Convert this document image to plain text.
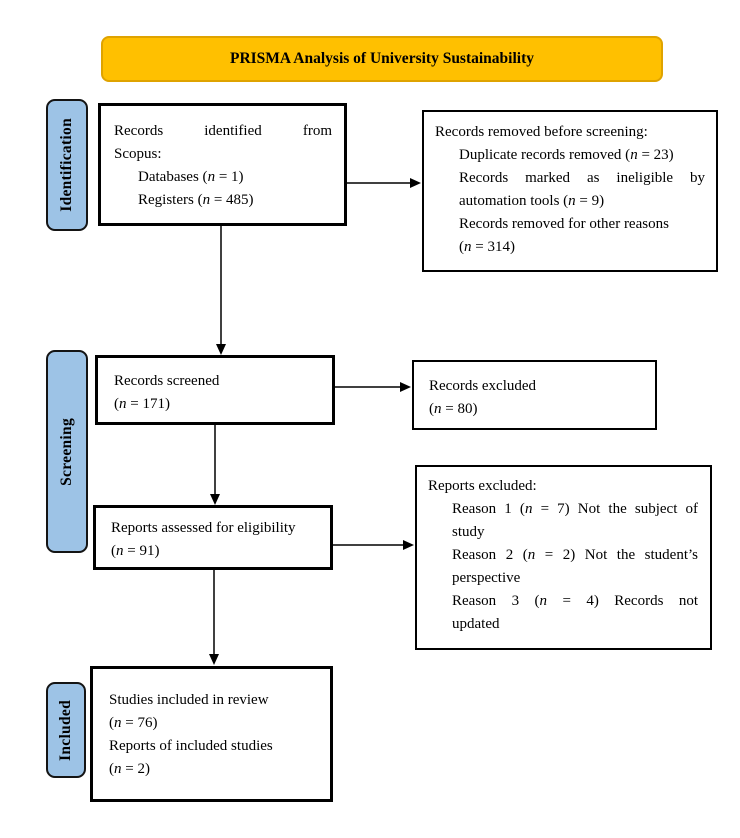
PRISMA Analysis of University Sustainability
Identification
Screening
Included
Records identified from
Scopus:
Databases (n = 1)
Registers (n = 485)
Records removed before screening:
Duplicate records removed (n = 23)
Records marked as ineligible by
automation tools (n = 9)
Records removed for other reasons
(n = 314)
Records screened
(n = 171)
Records excluded
(n = 80)
Reports assessed for eligibility
(n = 91)
Reports excluded:
Reason 1 (n = 7) Not the subject of
study
Reason 2 (n = 2) Not the student’s
perspective
Reason 3 (n = 4) Records not
updated
Studies included in review
(n = 76)
Reports of included studies
(n = 2)
